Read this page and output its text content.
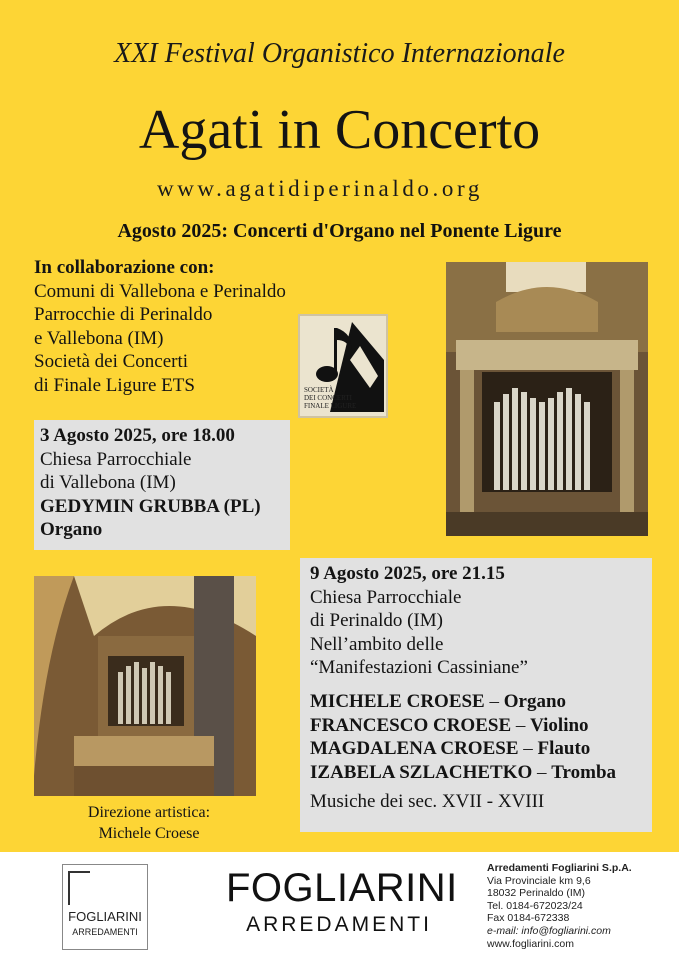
XXI Festival Organistico Internazionale
Agati in Concerto
www.agatidiperinaldo.org
Agosto 2025: Concerti d'Organo nel Ponente Ligure
In collaborazione con:
Comuni di Vallebona e Perinaldo
Parrocchie di Perinaldo
e Vallebona (IM)
Società dei Concerti
di Finale Ligure ETS	SOCIETÀ
DEI CONCERTI
FINALE LIGURE
3 Agosto 2025, ore 18.00
Chiesa Parrocchiale
di Vallebona (IM)
GEDYMIN GRUBBA (PL)
Organo
9 Agosto 2025, ore 21.15
Chiesa Parrocchiale
di Perinaldo (IM)
Nell’ambito delle
“Manifestazioni Cassiniane”
MICHELE CROESE – Organo
FRANCESCO CROESE – Violino
MAGDALENA CROESE – Flauto
IZABELA SZLACHETKO – Tromba
Musiche dei sec. XVII - XVIII
Direzione artistica:
Michele Croese
FOGLIARINI
ARREDAMENTI
FOGLIARINI
ARREDAMENTI
Arredamenti Fogliarini S.p.A.
Via Provinciale km 9,6
18032 Perinaldo (IM)
Tel. 0184-672023/24
Fax 0184-672338
e-mail: info@fogliarini.com
www.fogliarini.com
